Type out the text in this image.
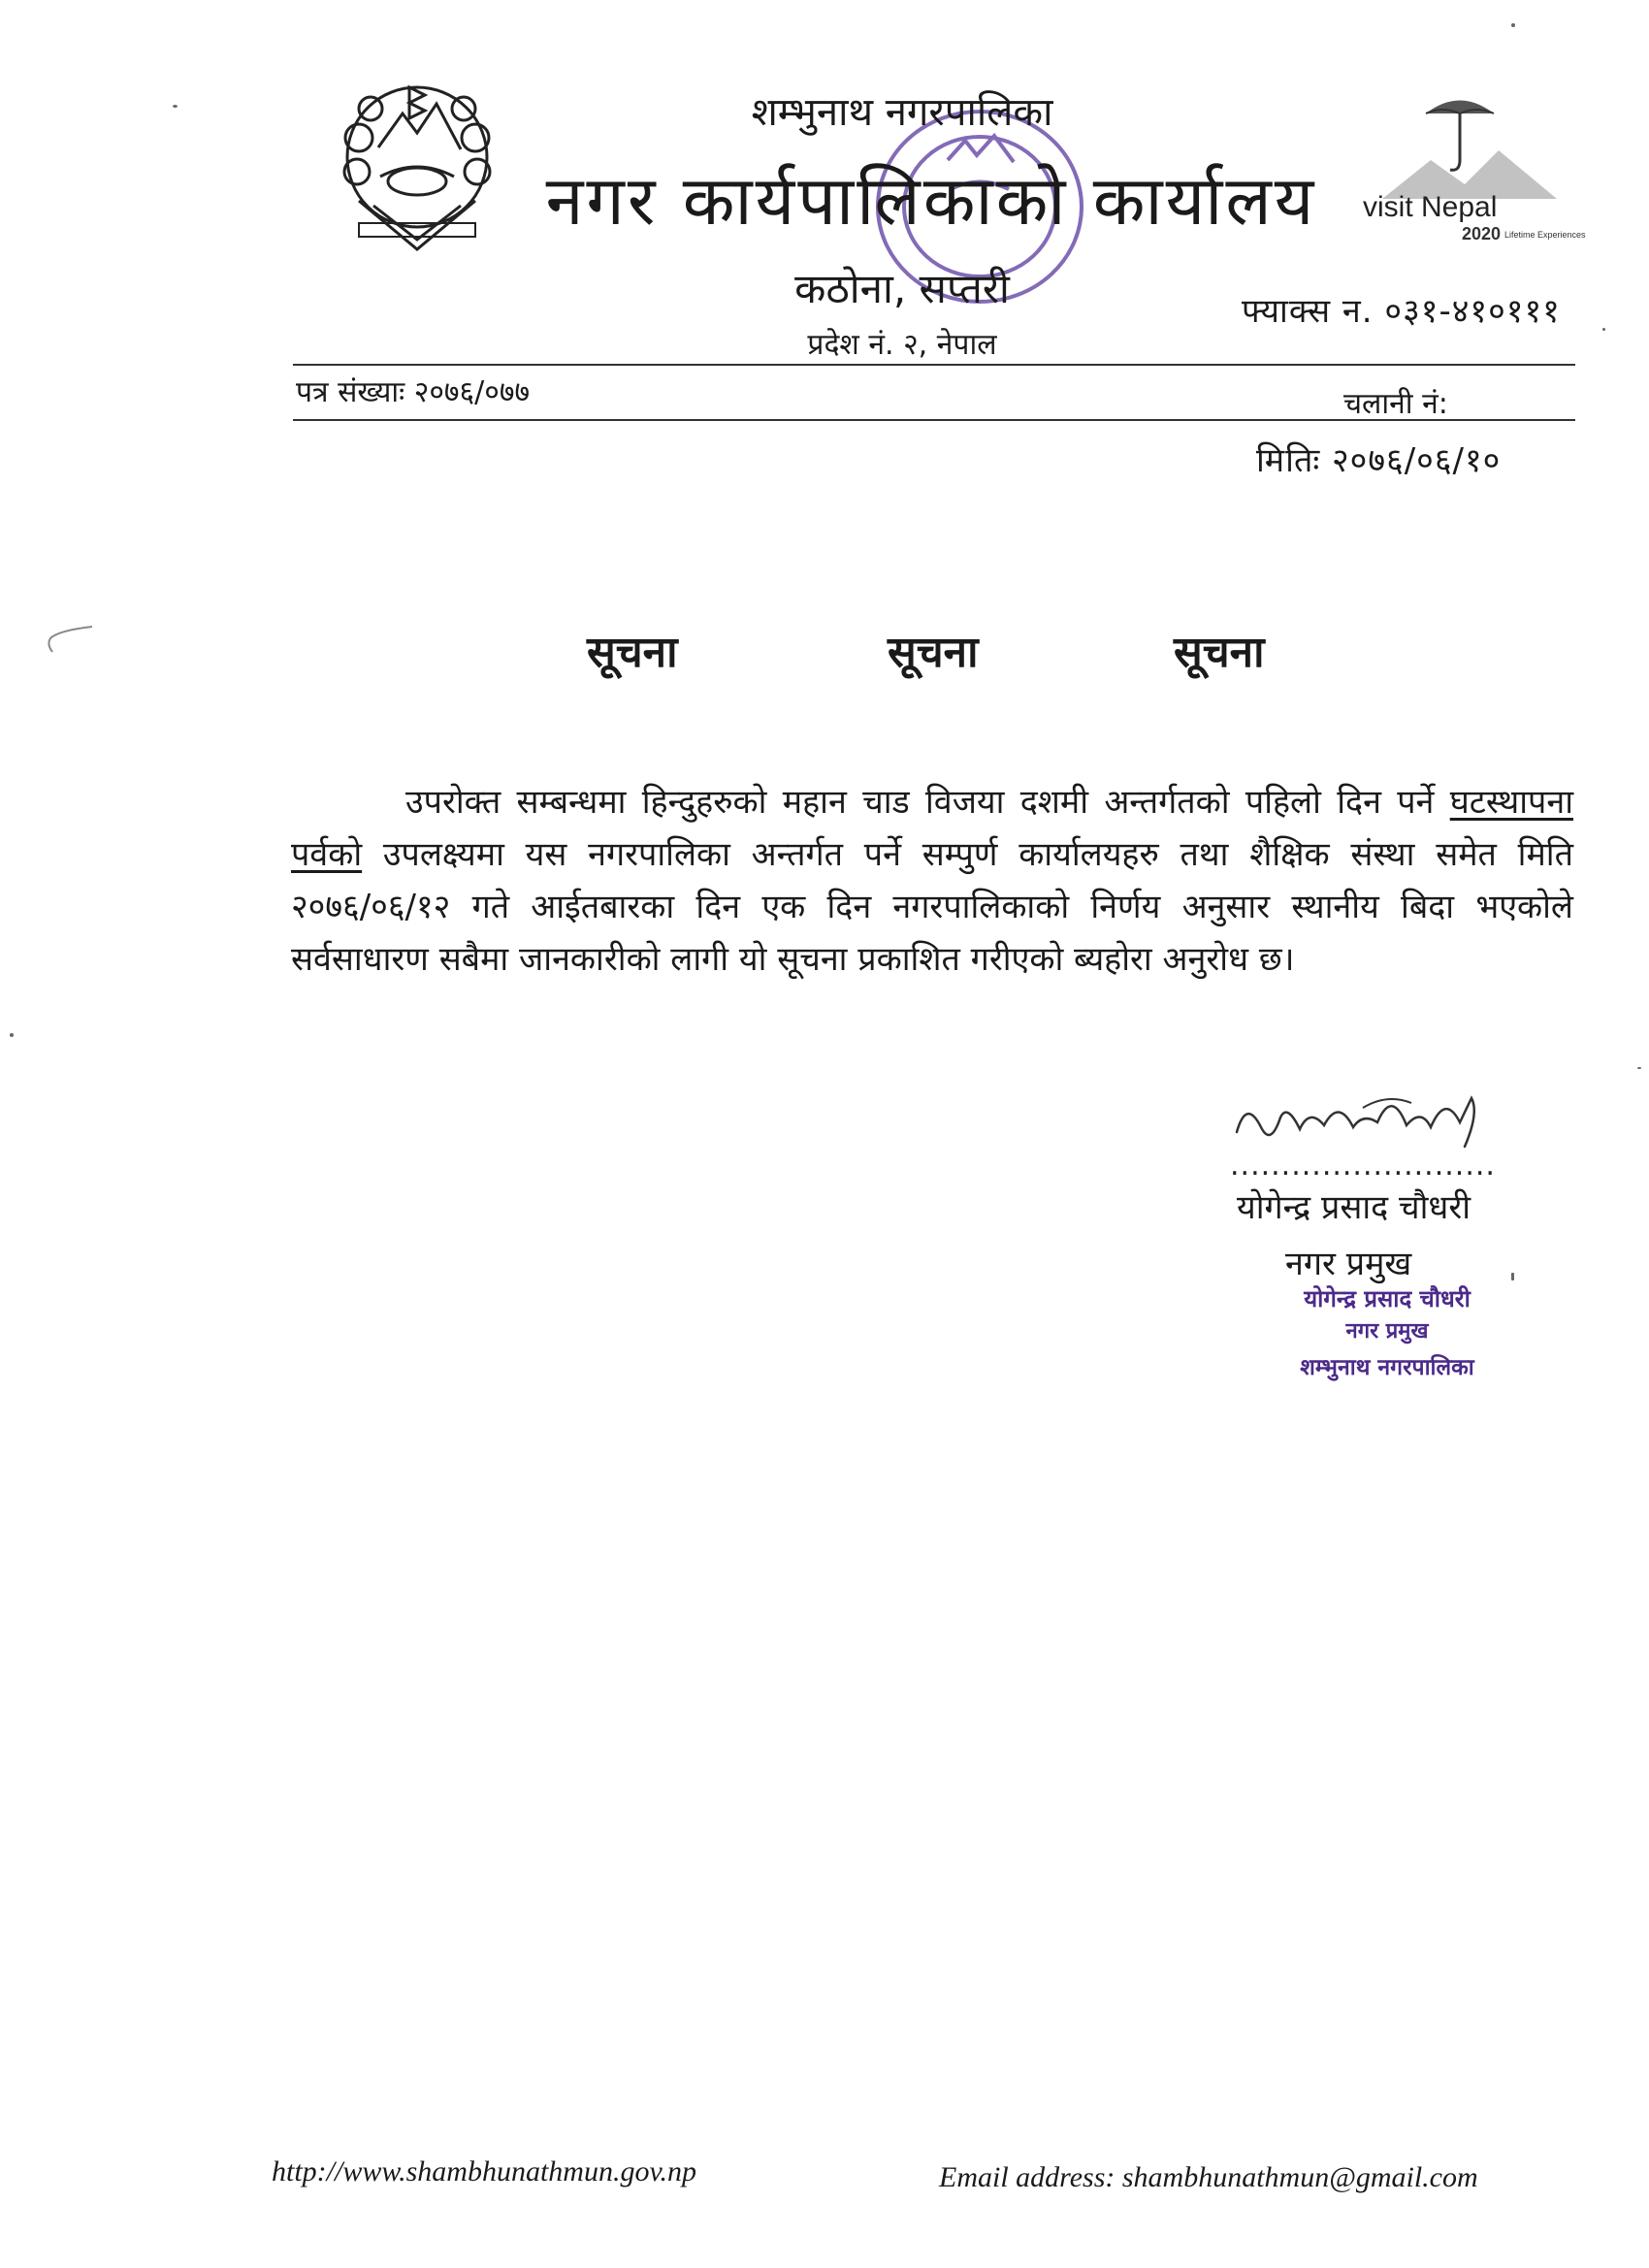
शम्भुनाथ नगरपालिका
नगर कार्यपालिकाको कार्यालय
कठोना, सप्तरी
प्रदेश नं. २, नेपाल
visit Nepal
2020 Lifetime Experiences
फ्याक्स न. ०३१-४१०१११
पत्र संख्याः २०७६/०७७	चलानी नं:
मितिः २०७६/०६/१०
सूचना	सूचना	सूचना
उपरोक्त सम्बन्धमा हिन्दुहरुको महान चाड विजया दशमी अन्तर्गतको पहिलो दिन पर्ने घटस्थापना पर्वको उपलक्ष्यमा यस नगरपालिका अन्तर्गत पर्ने सम्पुर्ण कार्यालयहरु तथा शैक्षिक संस्था समेत मिति २०७६/०६/१२ गते आईतबारका दिन एक दिन नगरपालिकाको निर्णय अनुसार स्थानीय बिदा भएकोले सर्वसाधारण सबैमा जानकारीको लागी यो सूचना प्रकाशित गरीएको ब्यहोरा अनुरोध छ।
..........................
योगेन्द्र प्रसाद चौधरी
नगर प्रमुख
योगेन्द्र प्रसाद चौधरी
नगर प्रमुख
शम्भुनाथ नगरपालिका
http://www.shambhunathmun.gov.np	Email address: shambhunathmun@gmail.com
